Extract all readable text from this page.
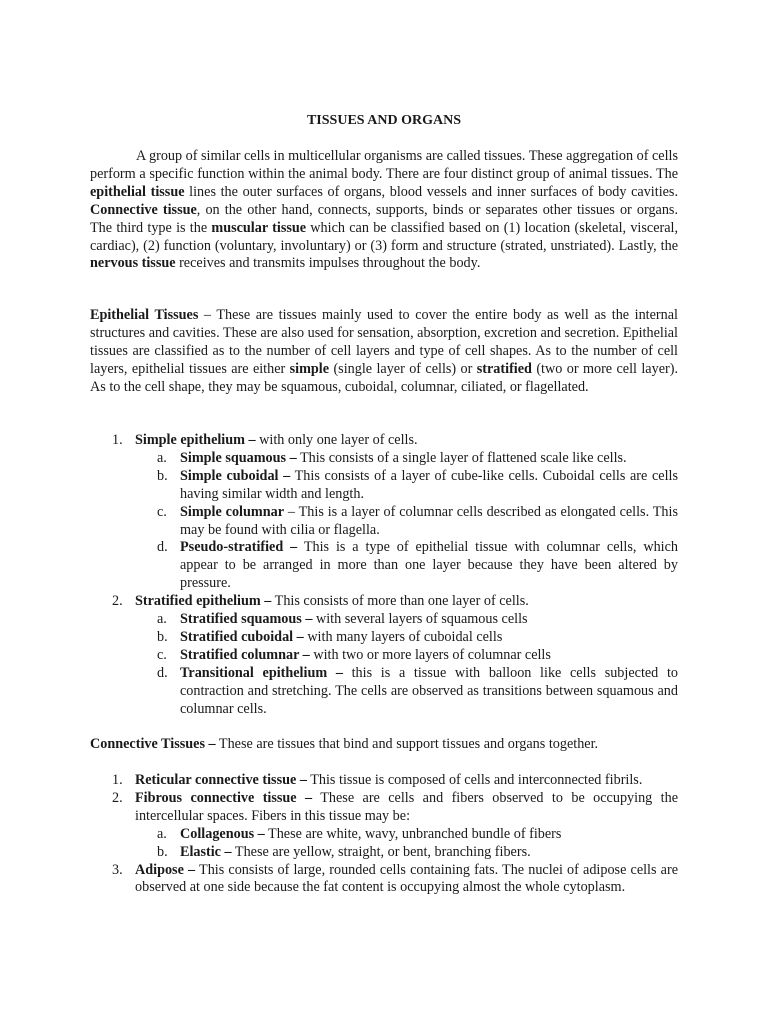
TISSUES AND ORGANS

A group of similar cells in multicellular organisms are called tissues. These aggregation of cells perform a specific function within the animal body. There are four distinct group of animal tissues. The epithelial tissue lines the outer surfaces of organs, blood vessels and inner surfaces of body cavities. Connective tissue, on the other hand, connects, supports, binds or separates other tissues or organs. The third type is the muscular tissue which can be classified based on (1) location (skeletal, visceral, cardiac), (2) function (voluntary, involuntary) or (3) form and structure (strated, unstriated). Lastly, the nervous tissue receives and transmits impulses throughout the body.

Epithelial Tissues – These are tissues mainly used to cover the entire body as well as the internal structures and cavities. These are also used for sensation, absorption, excretion and secretion. Epithelial tissues are classified as to the number of cell layers and type of cell shapes. As to the number of cell layers, epithelial tissues are either simple (single layer of cells) or stratified (two or more cell layer). As to the cell shape, they may be squamous, cuboidal, columnar, ciliated, or flagellated.

1. Simple epithelium – with only one layer of cells.
a. Simple squamous – This consists of a single layer of flattened scale like cells.
b. Simple cuboidal – This consists of a layer of cube-like cells. Cuboidal cells are cells having similar width and length.
c. Simple columnar – This is a layer of columnar cells described as elongated cells. This may be found with cilia or flagella.
d. Pseudo-stratified – This is a type of epithelial tissue with columnar cells, which appear to be arranged in more than one layer because they have been altered by pressure.
2. Stratified epithelium – This consists of more than one layer of cells.
a. Stratified squamous – with several layers of squamous cells
b. Stratified cuboidal – with many layers of cuboidal cells
c. Stratified columnar – with two or more layers of columnar cells
d. Transitional epithelium – this is a tissue with balloon like cells subjected to contraction and stretching. The cells are observed as transitions between squamous and columnar cells.

Connective Tissues – These are tissues that bind and support tissues and organs together.

1. Reticular connective tissue – This tissue is composed of cells and interconnected fibrils.
2. Fibrous connective tissue – These are cells and fibers observed to be occupying the intercellular spaces. Fibers in this tissue may be:
a. Collagenous – These are white, wavy, unbranched bundle of fibers
b. Elastic – These are yellow, straight, or bent, branching fibers.
3. Adipose – This consists of large, rounded cells containing fats. The nuclei of adipose cells are observed at one side because the fat content is occupying almost the whole cytoplasm.
